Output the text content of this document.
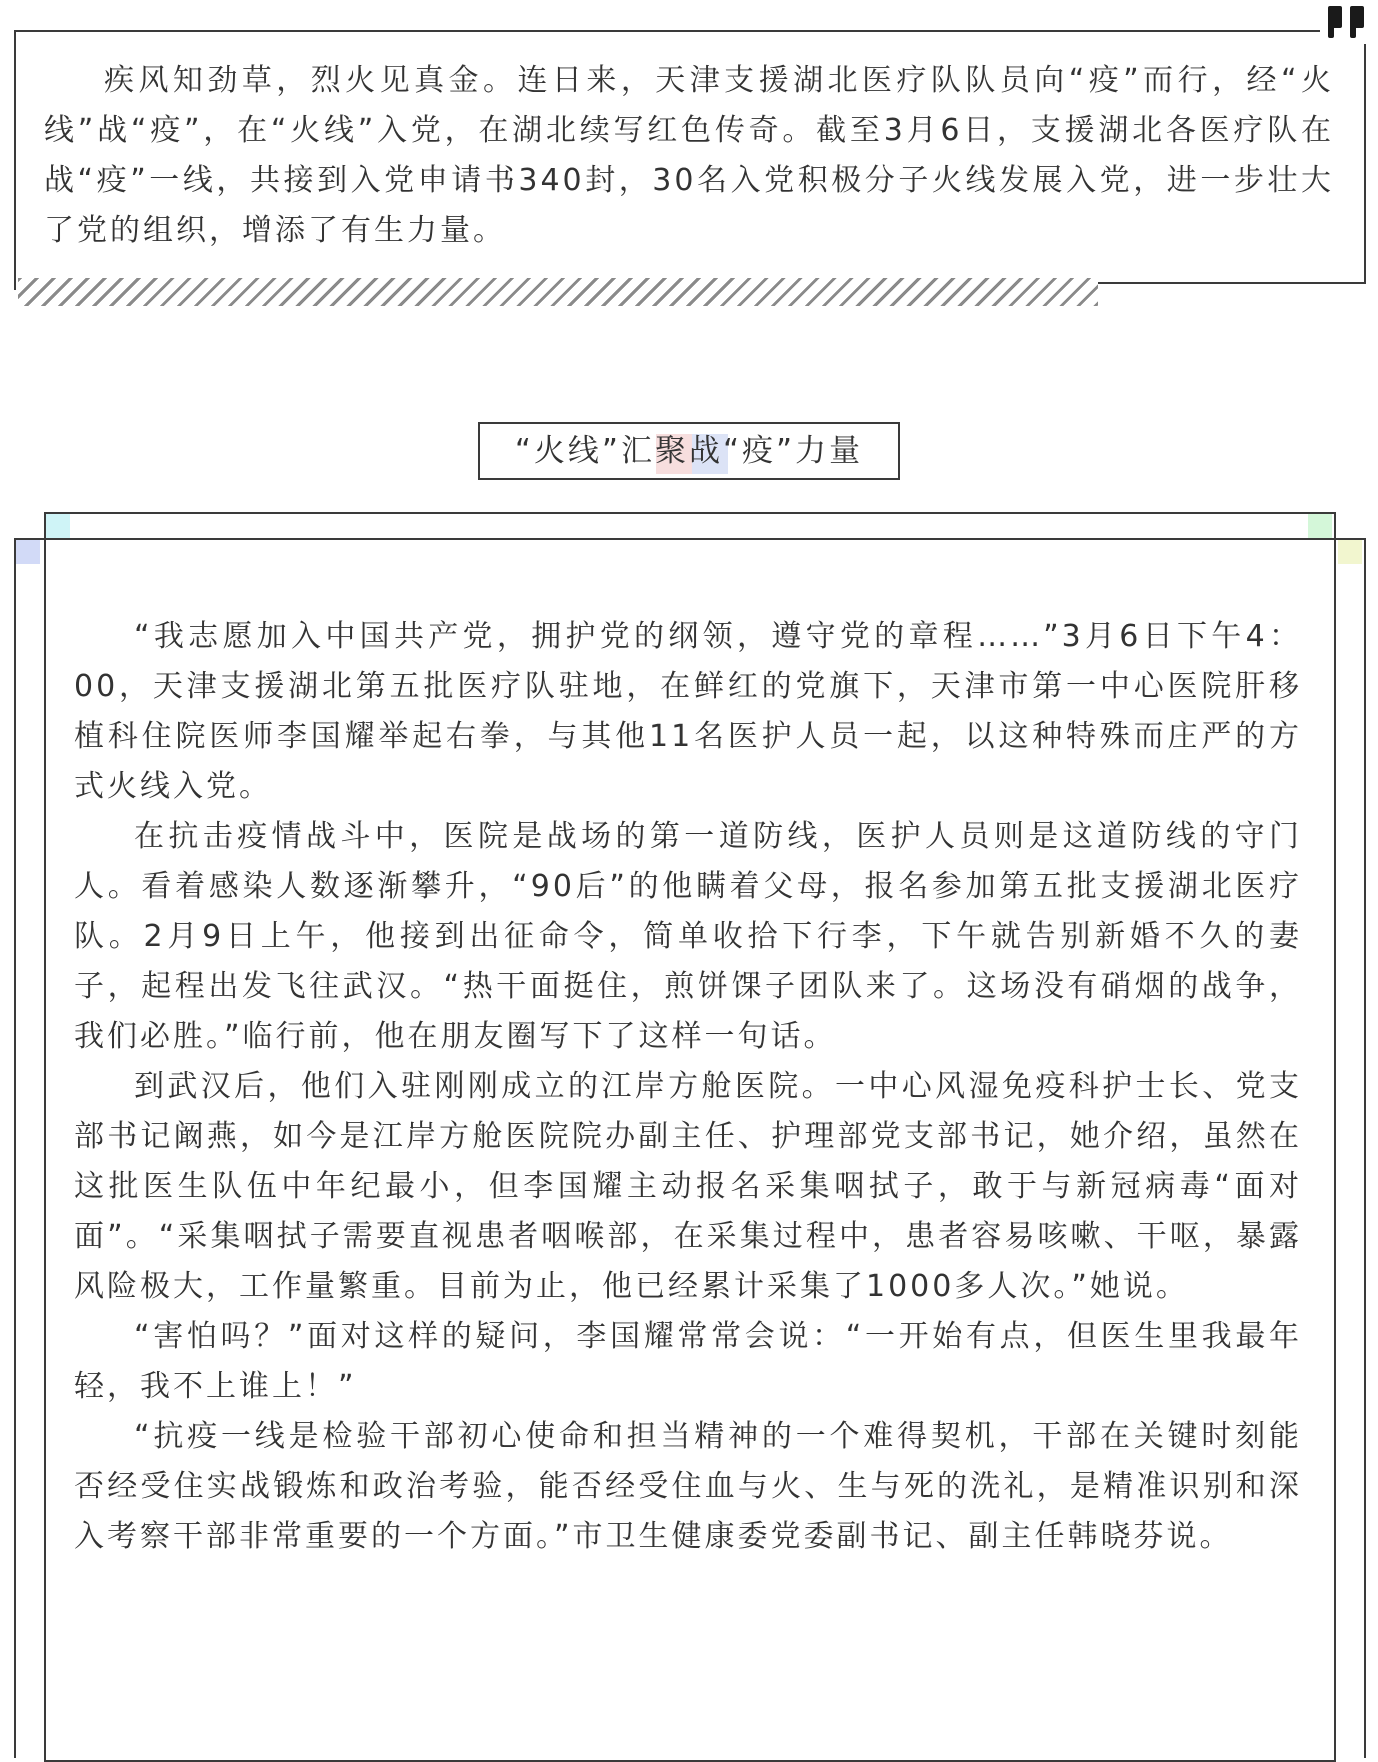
疾风知劲草，烈火见真金。连日来，天津支援湖北医疗队队员向“疫”而行，经“火线”战“疫”，在“火线”入党，在湖北续写红色传奇。截至3月6日，支援湖北各医疗队在战“疫”一线，共接到入党申请书340封，30名入党积极分子火线发展入党，进一步壮大了党的组织，增添了有生力量。

“火线”汇聚战“疫”力量

“我志愿加入中国共产党，拥护党的纲领，遵守党的章程……”3月6日下午4：00，天津支援湖北第五批医疗队驻地，在鲜红的党旗下，天津市第一中心医院肝移植科住院医师李国耀举起右拳，与其他11名医护人员一起，以这种特殊而庄严的方式火线入党。

在抗击疫情战斗中，医院是战场的第一道防线，医护人员则是这道防线的守门人。看着感染人数逐渐攀升，“90后”的他瞒着父母，报名参加第五批支援湖北医疗队。2月9日上午，他接到出征命令，简单收拾下行李，下午就告别新婚不久的妻子，起程出发飞往武汉。“热干面挺住，煎饼馃子团队来了。这场没有硝烟的战争，我们必胜。”临行前，他在朋友圈写下了这样一句话。

到武汉后，他们入驻刚刚成立的江岸方舱医院。一中心风湿免疫科护士长、党支部书记阚燕，如今是江岸方舱医院院办副主任、护理部党支部书记，她介绍，虽然在这批医生队伍中年纪最小，但李国耀主动报名采集咽拭子，敢于与新冠病毒“面对面”。“采集咽拭子需要直视患者咽喉部，在采集过程中，患者容易咳嗽、干呕，暴露风险极大，工作量繁重。目前为止，他已经累计采集了1000多人次。”她说。

“害怕吗？”面对这样的疑问，李国耀常常会说：“一开始有点，但医生里我最年轻，我不上谁上！”

“抗疫一线是检验干部初心使命和担当精神的一个难得契机，干部在关键时刻能否经受住实战锻炼和政治考验，能否经受住血与火、生与死的洗礼，是精准识别和深入考察干部非常重要的一个方面。”市卫生健康委党委副书记、副主任韩晓芬说。
